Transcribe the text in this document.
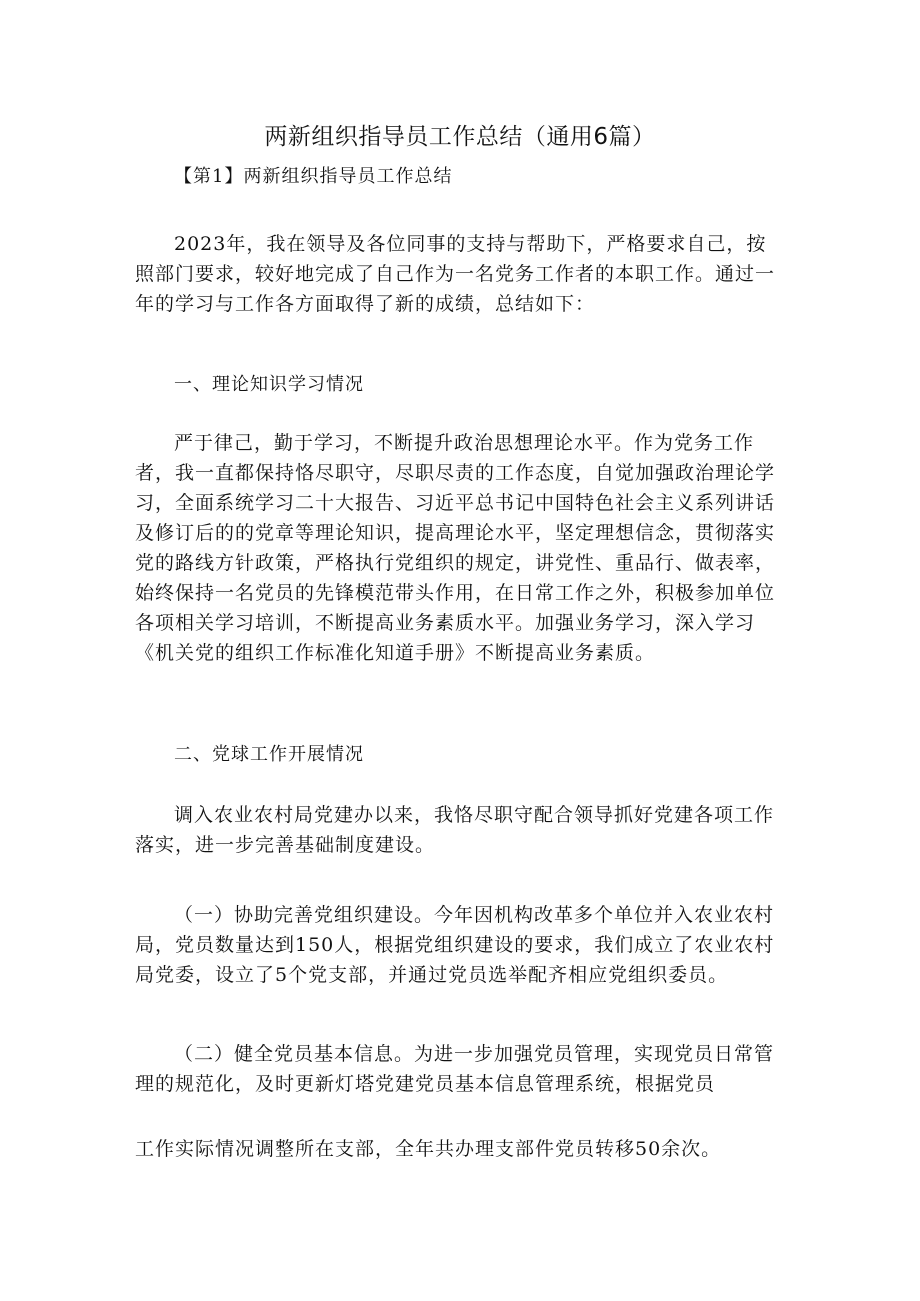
两新组织指导员工作总结（通用6篇）
【第1】两新组织指导员工作总结

2023年，我在领导及各位同事的支持与帮助下，严格要求自己，按照部门要求，较好地完成了自己作为一名党务工作者的本职工作。通过一年的学习与工作各方面取得了新的成绩，总结如下：

一、理论知识学习情况

严于律己，勤于学习，不断提升政治思想理论水平。作为党务工作者，我一直都保持恪尽职守，尽职尽责的工作态度，自觉加强政治理论学习，全面系统学习二十大报告、习近平总书记中国特色社会主义系列讲话及修订后的的党章等理论知识，提高理论水平，坚定理想信念，贯彻落实党的路线方针政策，严格执行党组织的规定，讲党性、重品行、做表率，始终保持一名党员的先锋模范带头作用，在日常工作之外，积极参加单位各项相关学习培训，不断提高业务素质水平。加强业务学习，深入学习《机关党的组织工作标准化知道手册》不断提高业务素质。

二、党球工作开展情况

调入农业农村局党建办以来，我恪尽职守配合领导抓好党建各项工作落实，进一步完善基础制度建设。

（一）协助完善党组织建设。今年因机构改革多个单位并入农业农村局，党员数量达到150人，根据党组织建设的要求，我们成立了农业农村局党委，设立了5个党支部，并通过党员选举配齐相应党组织委员。

（二）健全党员基本信息。为进一步加强党员管理，实现党员日常管理的规范化，及时更新灯塔党建党员基本信息管理系统，根据党员

工作实际情况调整所在支部，全年共办理支部件党员转移50余次。
